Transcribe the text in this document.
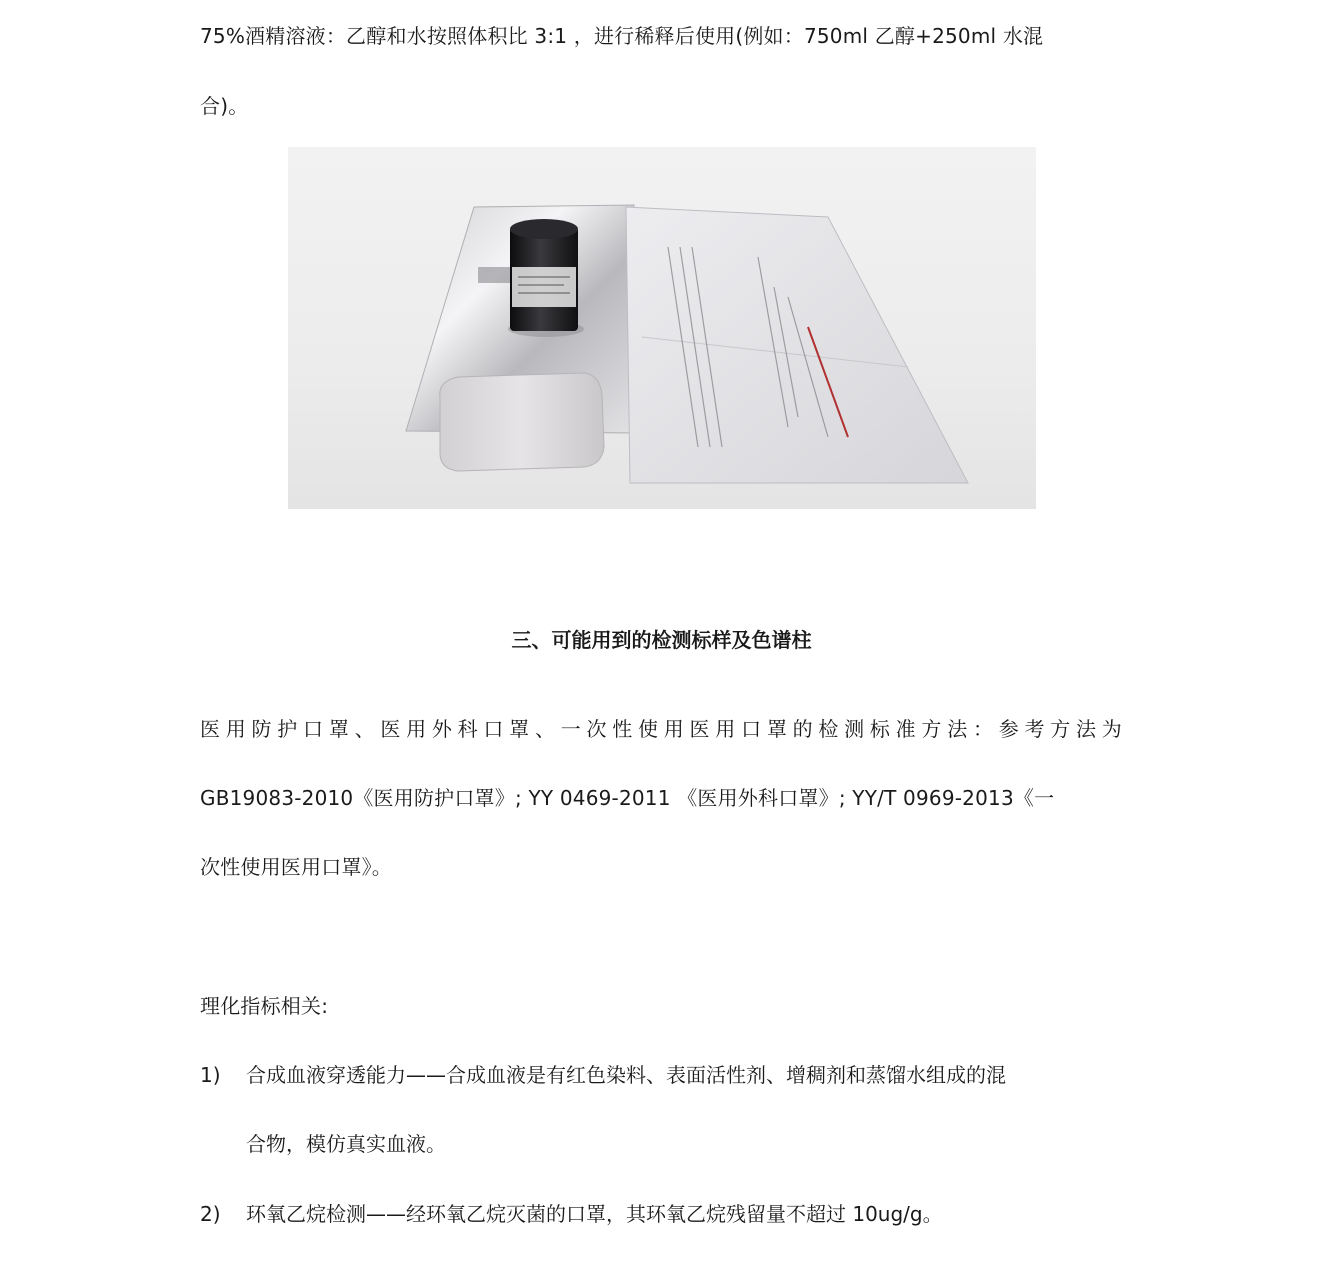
75%酒精溶液：乙醇和水按照体积比 3:1 ，进行稀释后使用(例如：750ml 乙醇+250ml 水混
合)。
三、可能用到的检测标样及色谱柱
医用防护口罩、医用外科口罩、一次性使用医用口罩的检测标准方法：参考方法为
GB19083-2010《医用防护口罩》; YY 0469-2011 《医用外科口罩》; YY/T 0969-2013《一
次性使用医用口罩》。
理化指标相关:
1) 合成血液穿透能力——合成血液是有红色染料、表面活性剂、增稠剂和蒸馏水组成的混
合物，模仿真实血液。
2) 环氧乙烷检测——经环氧乙烷灭菌的口罩，其环氧乙烷残留量不超过 10ug/g。
